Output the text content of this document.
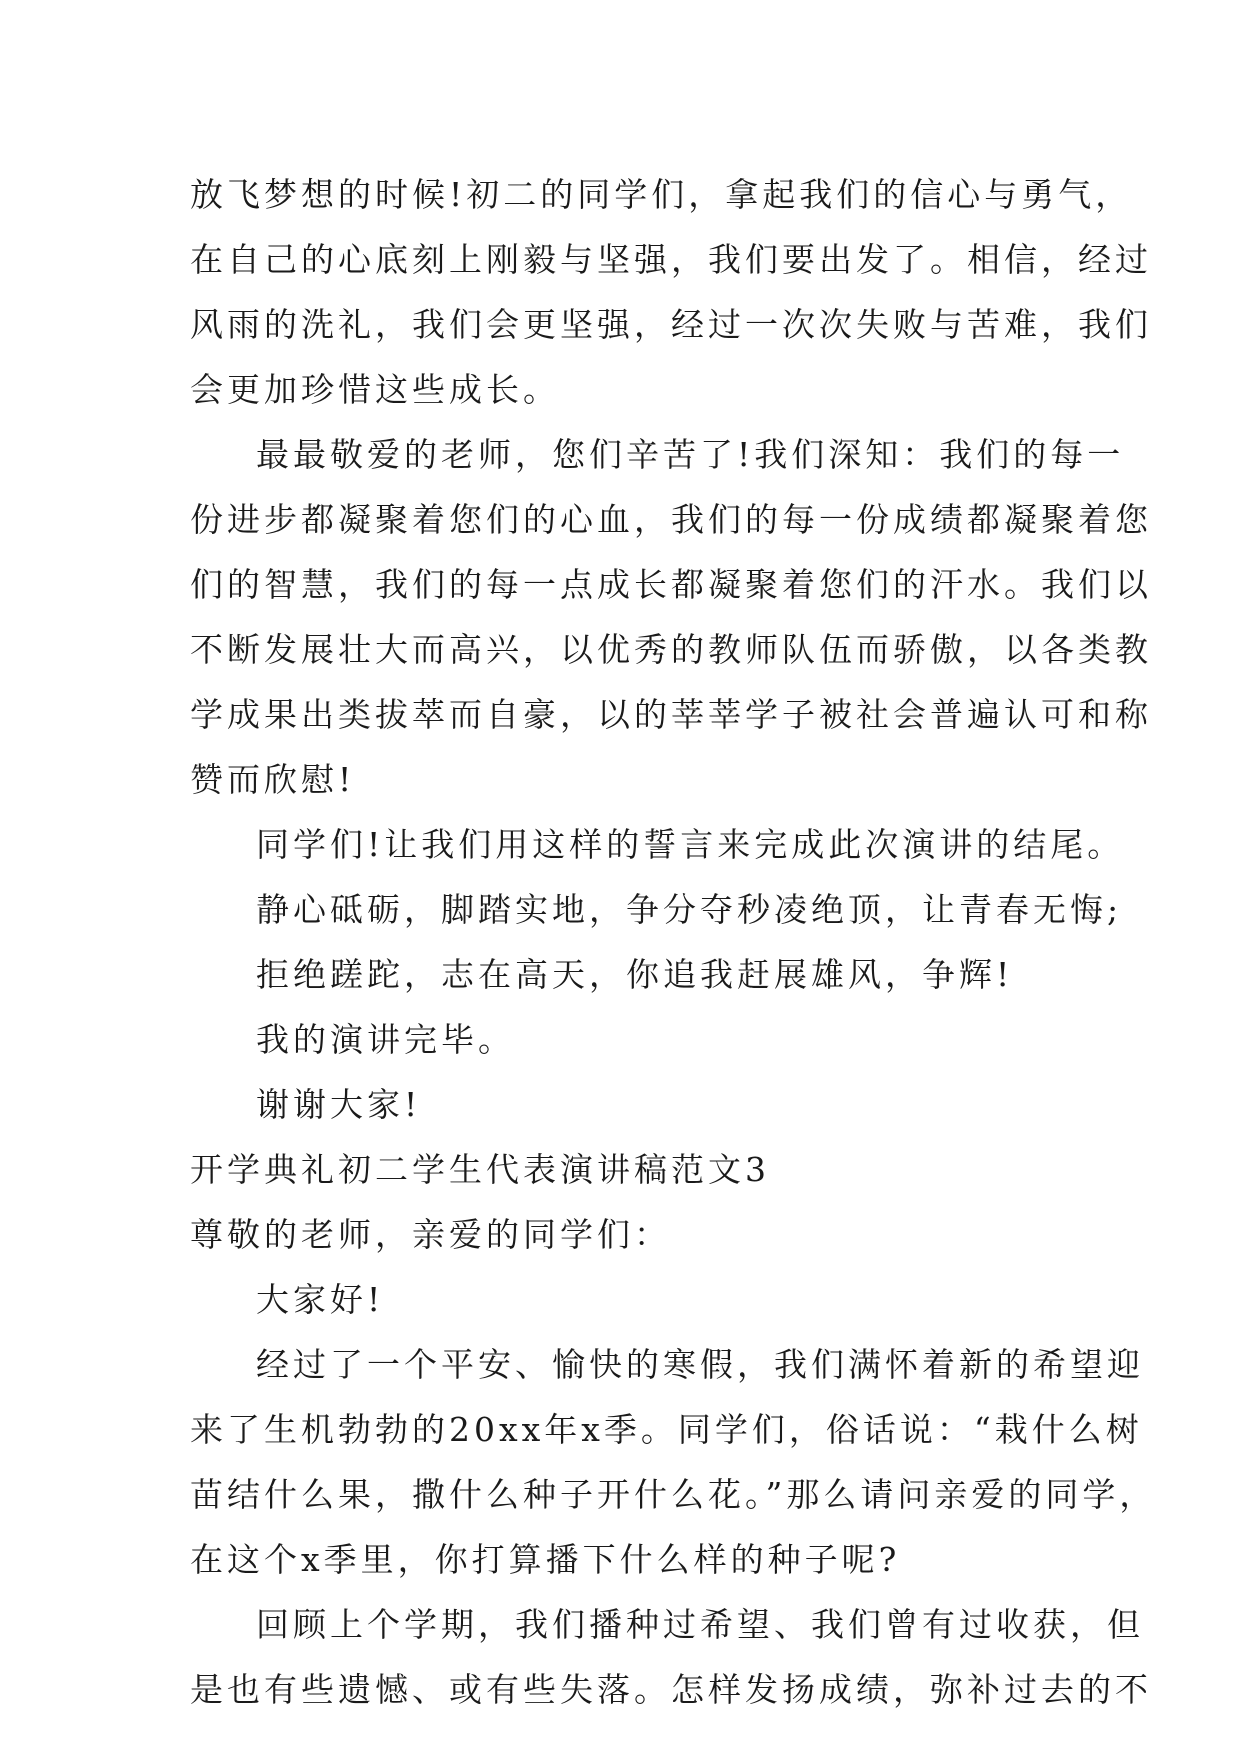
放飞梦想的时候!初二的同学们，拿起我们的信心与勇气，
在自己的心底刻上刚毅与坚强，我们要出发了。相信，经过
风雨的洗礼，我们会更坚强，经过一次次失败与苦难，我们
会更加珍惜这些成长。
最最敬爱的老师，您们辛苦了!我们深知：我们的每一
份进步都凝聚着您们的心血，我们的每一份成绩都凝聚着您
们的智慧，我们的每一点成长都凝聚着您们的汗水。我们以
不断发展壮大而高兴，以优秀的教师队伍而骄傲，以各类教
学成果出类拔萃而自豪，以的莘莘学子被社会普遍认可和称
赞而欣慰!
同学们!让我们用这样的誓言来完成此次演讲的结尾。
静心砥砺，脚踏实地，争分夺秒凌绝顶，让青春无悔;
拒绝蹉跎，志在高天，你追我赶展雄风，争辉!
我的演讲完毕。
谢谢大家!
开学典礼初二学生代表演讲稿范文3
尊敬的老师，亲爱的同学们：
大家好!
经过了一个平安、愉快的寒假，我们满怀着新的希望迎
来了生机勃勃的20xx年x季。同学们，俗话说：“栽什么树
苗结什么果，撒什么种子开什么花。”那么请问亲爱的同学，
在这个x季里，你打算播下什么样的种子呢?
回顾上个学期，我们播种过希望、我们曾有过收获，但
是也有些遗憾、或有些失落。怎样发扬成绩，弥补过去的不
